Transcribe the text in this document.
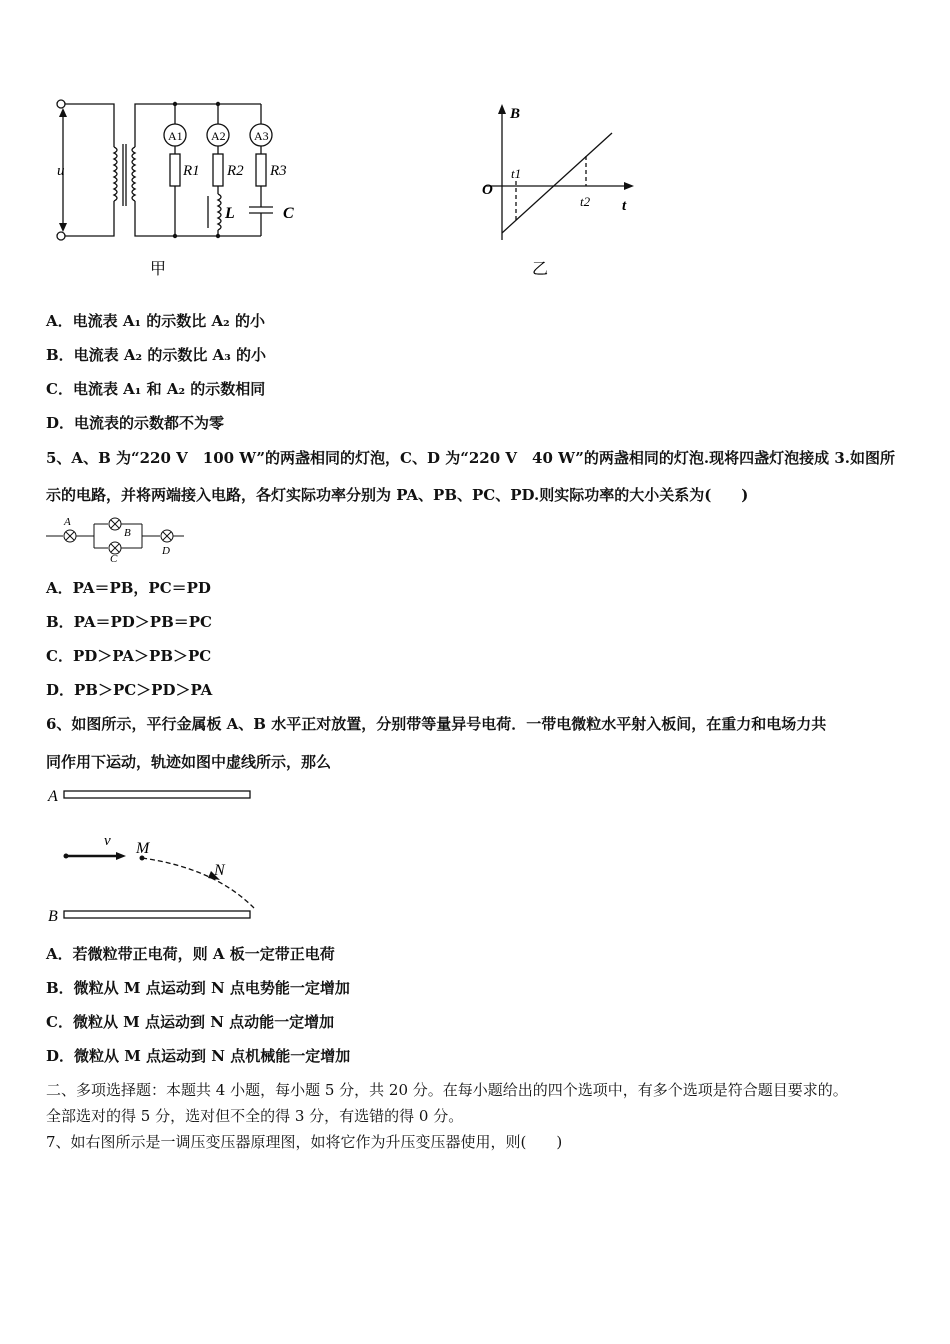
u
A1 A2 A3
R1 R2 R3
L	C
甲
B
O
t
t1
t2
乙
A．电流表 A₁ 的示数比 A₂ 的小
B．电流表 A₂ 的示数比 A₃ 的小
C．电流表 A₁ 和 A₂ 的示数相同
D．电流表的示数都不为零
5、A、B 为“220 V　100 W”的两盏相同的灯泡，C、D 为“220 V　40 W”的两盏相同的灯泡.现将四盏灯泡接成 3.如图所
示的电路，并将两端接入电路，各灯实际功率分别为 PA、PB、PC、PD.则实际功率的大小关系为(　　)
A
B
C
D
A．PA＝PB，PC＝PD
B．PA＝PD＞PB＝PC
C．PD＞PA＞PB＞PC
D．PB＞PC＞PD＞PA
6、如图所示，平行金属板 A、B 水平正对放置，分别带等量异号电荷．一带电微粒水平射入板间，在重力和电场力共
同作用下运动，轨迹如图中虚线所示，那么
A
B
v M
N
A．若微粒带正电荷，则 A 板一定带正电荷
B．微粒从 M 点运动到 N 点电势能一定增加
C．微粒从 M 点运动到 N 点动能一定增加
D．微粒从 M 点运动到 N 点机械能一定增加
二、多项选择题：本题共 4 小题，每小题 5 分，共 20 分。在每小题给出的四个选项中，有多个选项是符合题目要求的。
全部选对的得 5 分，选对但不全的得 3 分，有选错的得 0 分。
7、如右图所示是一调压变压器原理图，如将它作为升压变压器使用，则(　　)
